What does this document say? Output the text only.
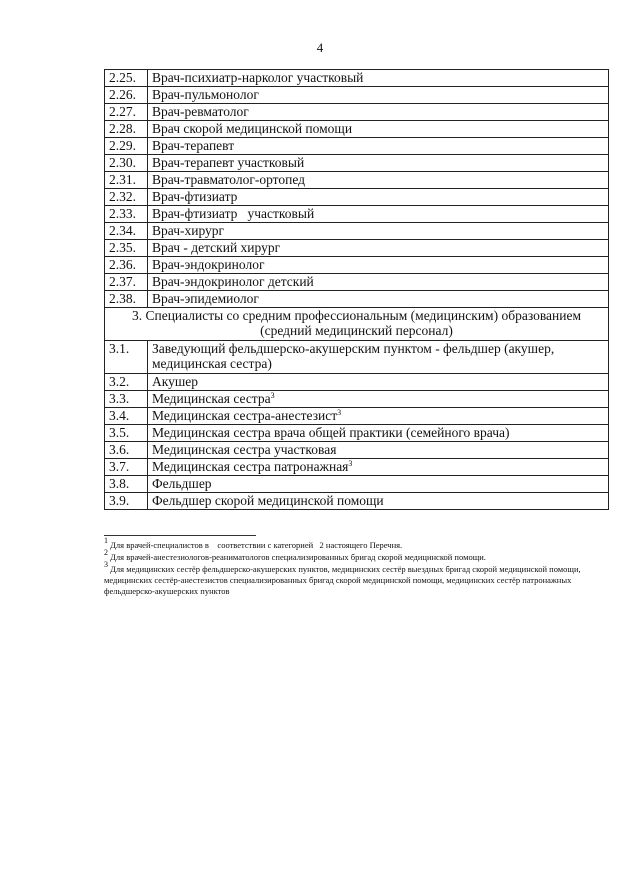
4
2.25.	Врач-психиатр-нарколог участковый
2.26.	Врач-пульмонолог
2.27.	Врач-ревматолог
2.28.	Врач скорой медицинской помощи
2.29.	Врач-терапевт
2.30.	Врач-терапевт участковый
2.31.	Врач-травматолог-ортопед
2.32.	Врач-фтизиатр
2.33.	Врач-фтизиатр   участковый
2.34.	Врач-хирург
2.35.	Врач - детский хирург
2.36.	Врач-эндокринолог
2.37.	Врач-эндокринолог детский
2.38.	Врач-эпидемиолог
3. Специалисты со средним профессиональным (медицинским) образованием (средний медицинский персонал)	
3.1.	Заведующий фельдшерско-акушерским пунктом - фельдшер (акушер, медицинская сестра)
3.2.	Акушер
3.3.	Медицинская сестра$^3$
3.4.	Медицинская сестра-анестезист$^3$
3.5.	Медицинская сестра врача общей практики (семейного врача)
3.6.	Медицинская сестра участковая
3.7.	Медицинская сестра патронажная$^3$
3.8.	Фельдшер
3.9.	Фельдшер скорой медицинской помощи

$^1$ Для врачей-специалистов в    соответствии с категорией   2 настоящего Перечня.

$^2$ Для врачей-анестезиологов-реаниматологов специализированных бригад скорой медицинской помощи.

$^3$ Для медицинских сестёр фельдшерско-акушерских пунктов, медицинских сестёр выездных бригад скорой медицинской помощи, медицинских сестёр-анестезистов специализированных бригад скорой медицинской помощи, медицинских сестёр патронажных фельдшерско-акушерских пунктов
